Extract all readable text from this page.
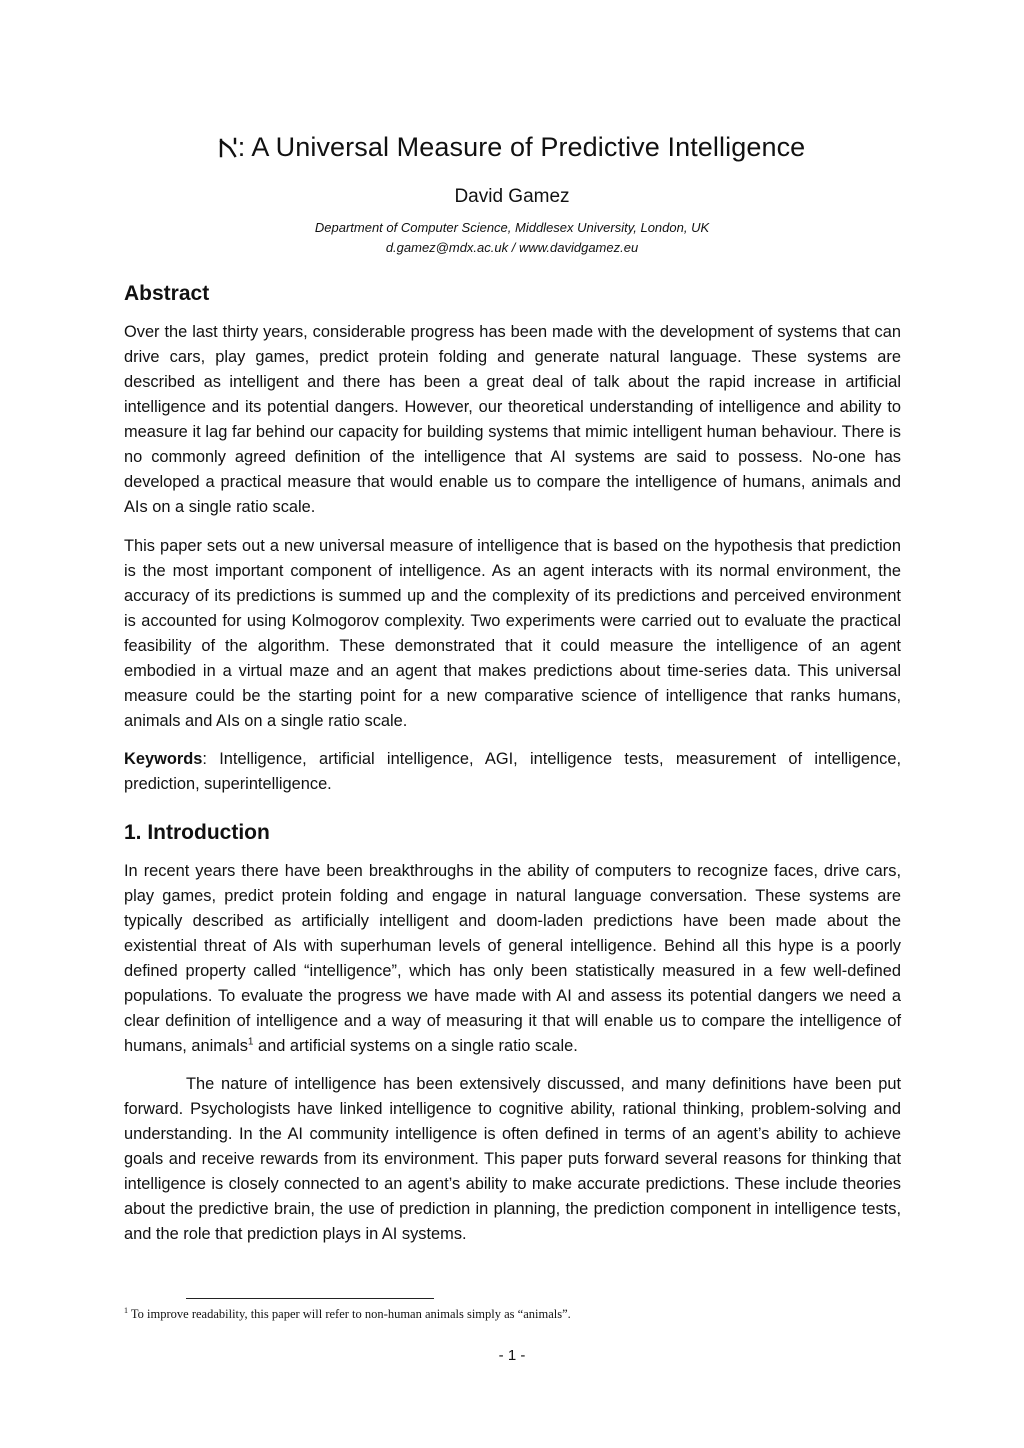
: A Universal Measure of Predictive Intelligence
David Gamez
Department of Computer Science, Middlesex University, London, UK
d.gamez@mdx.ac.uk / www.davidgamez.eu
Abstract

Over the last thirty years, considerable progress has been made with the development of systems that can drive cars, play games, predict protein folding and generate natural language. These systems are described as intelligent and there has been a great deal of talk about the rapid increase in artificial intelligence and its potential dangers. However, our theoretical understanding of intelligence and ability to measure it lag far behind our capacity for building systems that mimic intelligent human behaviour. There is no commonly agreed definition of the intelligence that AI systems are said to possess. No-one has developed a practical measure that would enable us to compare the intelligence of humans, animals and AIs on a single ratio scale.

This paper sets out a new universal measure of intelligence that is based on the hypothesis that prediction is the most important component of intelligence. As an agent interacts with its normal environment, the accuracy of its predictions is summed up and the complexity of its predictions and perceived environment is accounted for using Kolmogorov complexity. Two experiments were carried out to evaluate the practical feasibility of the algorithm. These demonstrated that it could measure the intelligence of an agent embodied in a virtual maze and an agent that makes predictions about time-series data. This universal measure could be the starting point for a new comparative science of intelligence that ranks humans, animals and AIs on a single ratio scale.

Keywords: Intelligence, artificial intelligence, AGI, intelligence tests, measurement of intelligence, prediction, superintelligence.

1. Introduction

In recent years there have been breakthroughs in the ability of computers to recognize faces, drive cars, play games, predict protein folding and engage in natural language conversation. These systems are typically described as artificially intelligent and doom-laden predictions have been made about the existential threat of AIs with superhuman levels of general intelligence. Behind all this hype is a poorly defined property called “intelligence”, which has only been statistically measured in a few well-defined populations. To evaluate the progress we have made with AI and assess its potential dangers we need a clear definition of intelligence and a way of measuring it that will enable us to compare the intelligence of humans, animals$^1$ and artificial systems on a single ratio scale.

The nature of intelligence has been extensively discussed, and many definitions have been put forward. Psychologists have linked intelligence to cognitive ability, rational thinking, problem-solving and understanding. In the AI community intelligence is often defined in terms of an agent’s ability to achieve goals and receive rewards from its environment. This paper puts forward several reasons for thinking that intelligence is closely connected to an agent’s ability to make accurate predictions. These include theories about the predictive brain, the use of prediction in planning, the prediction component in intelligence tests, and the role that prediction plays in AI systems.

$^1$ To improve readability, this paper will refer to non-human animals simply as “animals”.
- 1 -
